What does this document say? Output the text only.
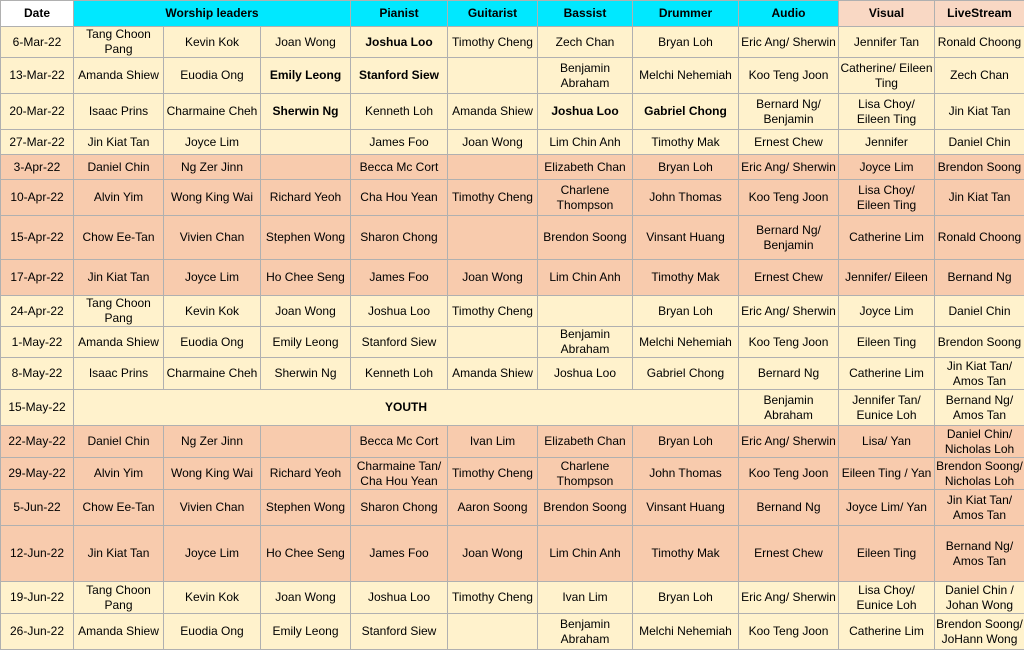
Date	Worship leaders			Pianist	Guitarist	Bassist	Drummer	Audio	Visual	LiveStream
6-Mar-22	Tang Choon Pang	Kevin Kok	Joan Wong	Joshua Loo	Timothy Cheng	Zech Chan	Bryan Loh	Eric Ang/ Sherwin	Jennifer Tan	Ronald Choong
13-Mar-22	Amanda Shiew	Euodia Ong	Emily Leong	Stanford Siew		Benjamin Abraham	Melchi Nehemiah	Koo Teng Joon	Catherine/ Eileen Ting	Zech Chan
20-Mar-22	Isaac Prins	Charmaine Cheh	Sherwin Ng	Kenneth Loh	Amanda Shiew	Joshua Loo	Gabriel Chong	Bernard Ng/ Benjamin	Lisa Choy/ Eileen Ting	Jin Kiat Tan
27-Mar-22	Jin Kiat Tan	Joyce Lim		James Foo	Joan Wong	Lim Chin Anh	Timothy Mak	Ernest Chew	Jennifer	Daniel Chin
3-Apr-22	Daniel Chin	Ng Zer Jinn		Becca Mc Cort		Elizabeth Chan	Bryan Loh	Eric Ang/ Sherwin	Joyce Lim	Brendon Soong
10-Apr-22	Alvin Yim	Wong King Wai	Richard Yeoh	Cha Hou Yean	Timothy Cheng	Charlene Thompson	John Thomas	Koo Teng Joon	Lisa Choy/ Eileen Ting	Jin Kiat Tan
15-Apr-22	Chow Ee-Tan	Vivien Chan	Stephen Wong	Sharon Chong		Brendon Soong	Vinsant Huang	Bernard Ng/ Benjamin	Catherine Lim	Ronald Choong
17-Apr-22	Jin Kiat Tan	Joyce Lim	Ho Chee Seng	James Foo	Joan Wong	Lim Chin Anh	Timothy Mak	Ernest Chew	Jennifer/ Eileen	Bernand Ng
24-Apr-22	Tang Choon Pang	Kevin Kok	Joan Wong	Joshua Loo	Timothy Cheng		Bryan Loh	Eric Ang/ Sherwin	Joyce Lim	Daniel Chin
1-May-22	Amanda Shiew	Euodia Ong	Emily Leong	Stanford Siew		Benjamin Abraham	Melchi Nehemiah	Koo Teng Joon	Eileen Ting	Brendon Soong
8-May-22	Isaac Prins	Charmaine Cheh	Sherwin Ng	Kenneth Loh	Amanda Shiew	Joshua Loo	Gabriel Chong	Bernard Ng	Catherine Lim	Jin Kiat Tan/ Amos Tan
15-May-22	YOUTH							Benjamin Abraham	Jennifer Tan/ Eunice Loh	Bernand Ng/ Amos Tan
22-May-22	Daniel Chin	Ng Zer Jinn		Becca Mc Cort	Ivan Lim	Elizabeth Chan	Bryan Loh	Eric Ang/ Sherwin	Lisa/ Yan	Daniel Chin/ Nicholas Loh
29-May-22	Alvin Yim	Wong King Wai	Richard Yeoh	Charmaine Tan/ Cha Hou Yean	Timothy Cheng	Charlene Thompson	John Thomas	Koo Teng Joon	Eileen Ting / Yan	Brendon Soong/ Nicholas Loh
5-Jun-22	Chow Ee-Tan	Vivien Chan	Stephen Wong	Sharon Chong	Aaron Soong	Brendon Soong	Vinsant Huang	Bernand Ng	Joyce Lim/ Yan	Jin Kiat Tan/ Amos Tan
12-Jun-22	Jin Kiat Tan	Joyce Lim	Ho Chee Seng	James Foo	Joan Wong	Lim Chin Anh	Timothy Mak	Ernest Chew	Eileen Ting	Bernand Ng/ Amos Tan
19-Jun-22	Tang Choon Pang	Kevin Kok	Joan Wong	Joshua Loo	Timothy Cheng	Ivan Lim	Bryan Loh	Eric Ang/ Sherwin	Lisa Choy/ Eunice Loh	Daniel Chin / Johan Wong
26-Jun-22	Amanda Shiew	Euodia Ong	Emily Leong	Stanford Siew		Benjamin Abraham	Melchi Nehemiah	Koo Teng Joon	Catherine Lim	Brendon Soong/ JoHann Wong
